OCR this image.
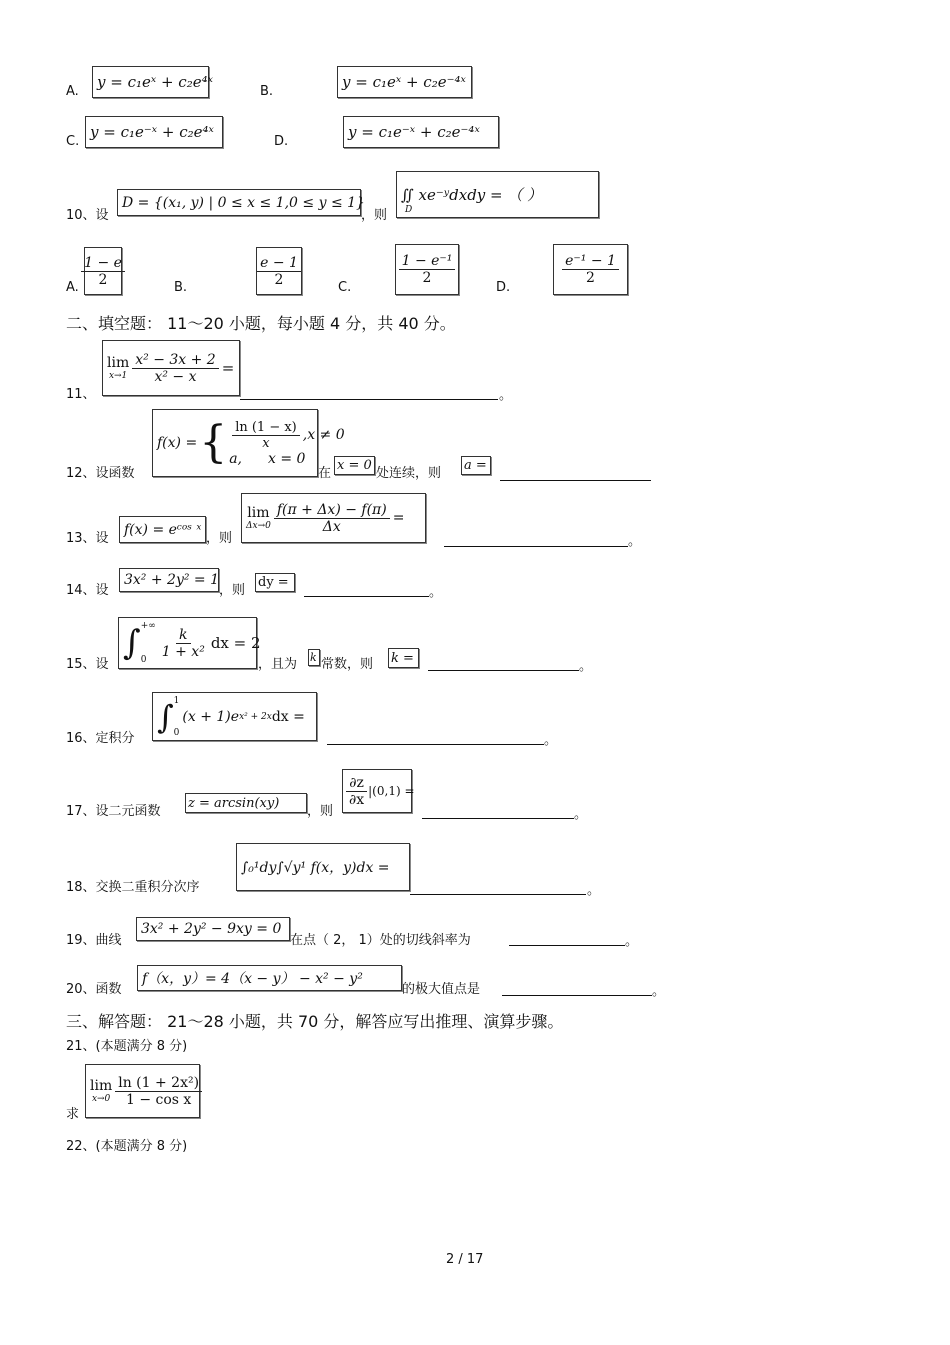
A.
y = c₁eˣ + c₂e⁴ˣ
B.
y = c₁eˣ + c₂e⁻⁴ˣ
C.
y = c₁e⁻ˣ + c₂e⁴ˣ
D.
y = c₁e⁻ˣ + c₂e⁻⁴ˣ
10、设
D = {(x₁, y) | 0 ≤ x ≤ 1,0 ≤ y ≤ 1}
，则
∬ xe⁻ʸdxdy = （ ）
D
A. $\frac{1 - e}{2}$	B.	$\frac{e - 1}{2}$	C.
$\frac{\text{1 − e⁻¹}}{2}$
D.
$\frac{\text{e⁻¹ − 1}}{2}$
二、填空题： 11～20 小题，每小题 4 分，共 40 分。
11、
lim
$x\to 1 \frac{\text{x² − 3x + 2}}{\text{x² − x}}$ =
。
12、设函数
f(x) = { $\frac{\ln (1 - x)}{x} ,x \ne 0$
a, x = 0
在
x = 0
处连续，则
a =
13、设
f(x) = eᶜᵒˢ ˣ
，则
lim
$\Delta x\to 0 \frac{f(\pi + \Delta x) - f(\pi)}{\Delta x}$ =
。
14、设
3x² + 2y² = 1
，则
dy =
。
15、设
∫ +∞
0
$\frac{k}{\text{1 + x²}}$ dx = 2
，且为 k 常数，则 k =
。
16、定积分
∫ 1
0
(x + 1)e x² + 2x dx =
。
17、设二元函数
z = arcsin(xy)
，则
$\frac{\partial z}{\partial x} |(0,1)$ =
。
18、交换二重积分次序
∫₀¹dy∫√y¹ f(x，y)dx =
。
19、曲线
3x² + 2y² − 9xy = 0
在点（ 2， 1）处的切线斜率为	。
20、函数
f（x，y）= 4（x − y） − x² − y²
的极大值点是	。
三、解答题： 21～28 小题，共 70 分，解答应写出推理、演算步骤。
21、(本题满分 8 分)
求
lim
$x\to 0 \frac{\text{ln (1 + 2x²)}}{\text{1 − cos x}}$
22、(本题满分 8 分)
2 / 17
